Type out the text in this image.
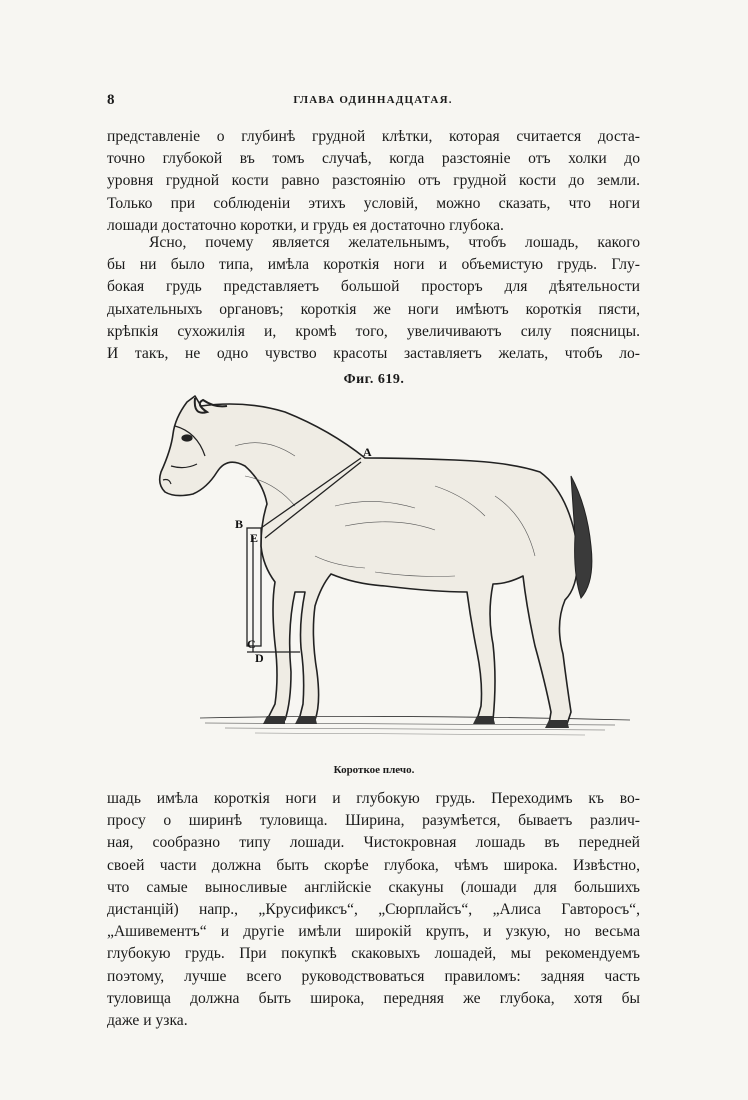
8	ГЛАВА ОДИННАДЦАТАЯ.

представленіе о глубинѣ грудной клѣтки, которая считается доста-
точно глубокой въ томъ случаѣ, когда разстояніе отъ холки до
уровня грудной кости равно разстоянію отъ грудной кости до земли.
Только при соблюденіи этихъ условій, можно сказать, что ноги
лошади достаточно коротки, и грудь ея достаточно глубока.

Ясно, почему является желательнымъ, чтобъ лошадь, какого
бы ни было типа, имѣла короткія ноги и объемистую грудь. Глу-
бокая грудь представляетъ большой просторъ для дѣятельности
дыхательныхъ органовъ; короткія же ноги имѣютъ короткія пясти,
крѣпкія сухожилія и, кромѣ того, увеличиваютъ силу поясницы.
И такъ, не одно чувство красоты заставляетъ желать, чтобъ ло-

Фиг. 619.
A
B
E
C
D
Короткое плечо.

шадь имѣла короткія ноги и глубокую грудь. Переходимъ къ во-
просу о ширинѣ туловища. Ширина, разумѣется, бываетъ различ-
ная, сообразно типу лошади. Чистокровная лошадь въ передней
своей части должна быть скорѣе глубока, чѣмъ широка. Извѣстно,
что самые выносливые англійскіе скакуны (лошади для большихъ
дистанцій) напр., „Крусификсъ“, „Сюрплайсъ“, „Алиса Гавторосъ“,
„Ашивементъ“ и другіе имѣли широкій крупъ, и узкую, но весьма
глубокую грудь. При покупкѣ скаковыхъ лошадей, мы рекомендуемъ
поэтому, лучше всего руководствоваться правиломъ: задняя часть
туловища должна быть широка, передняя же глубока, хотя бы
даже и узка.
